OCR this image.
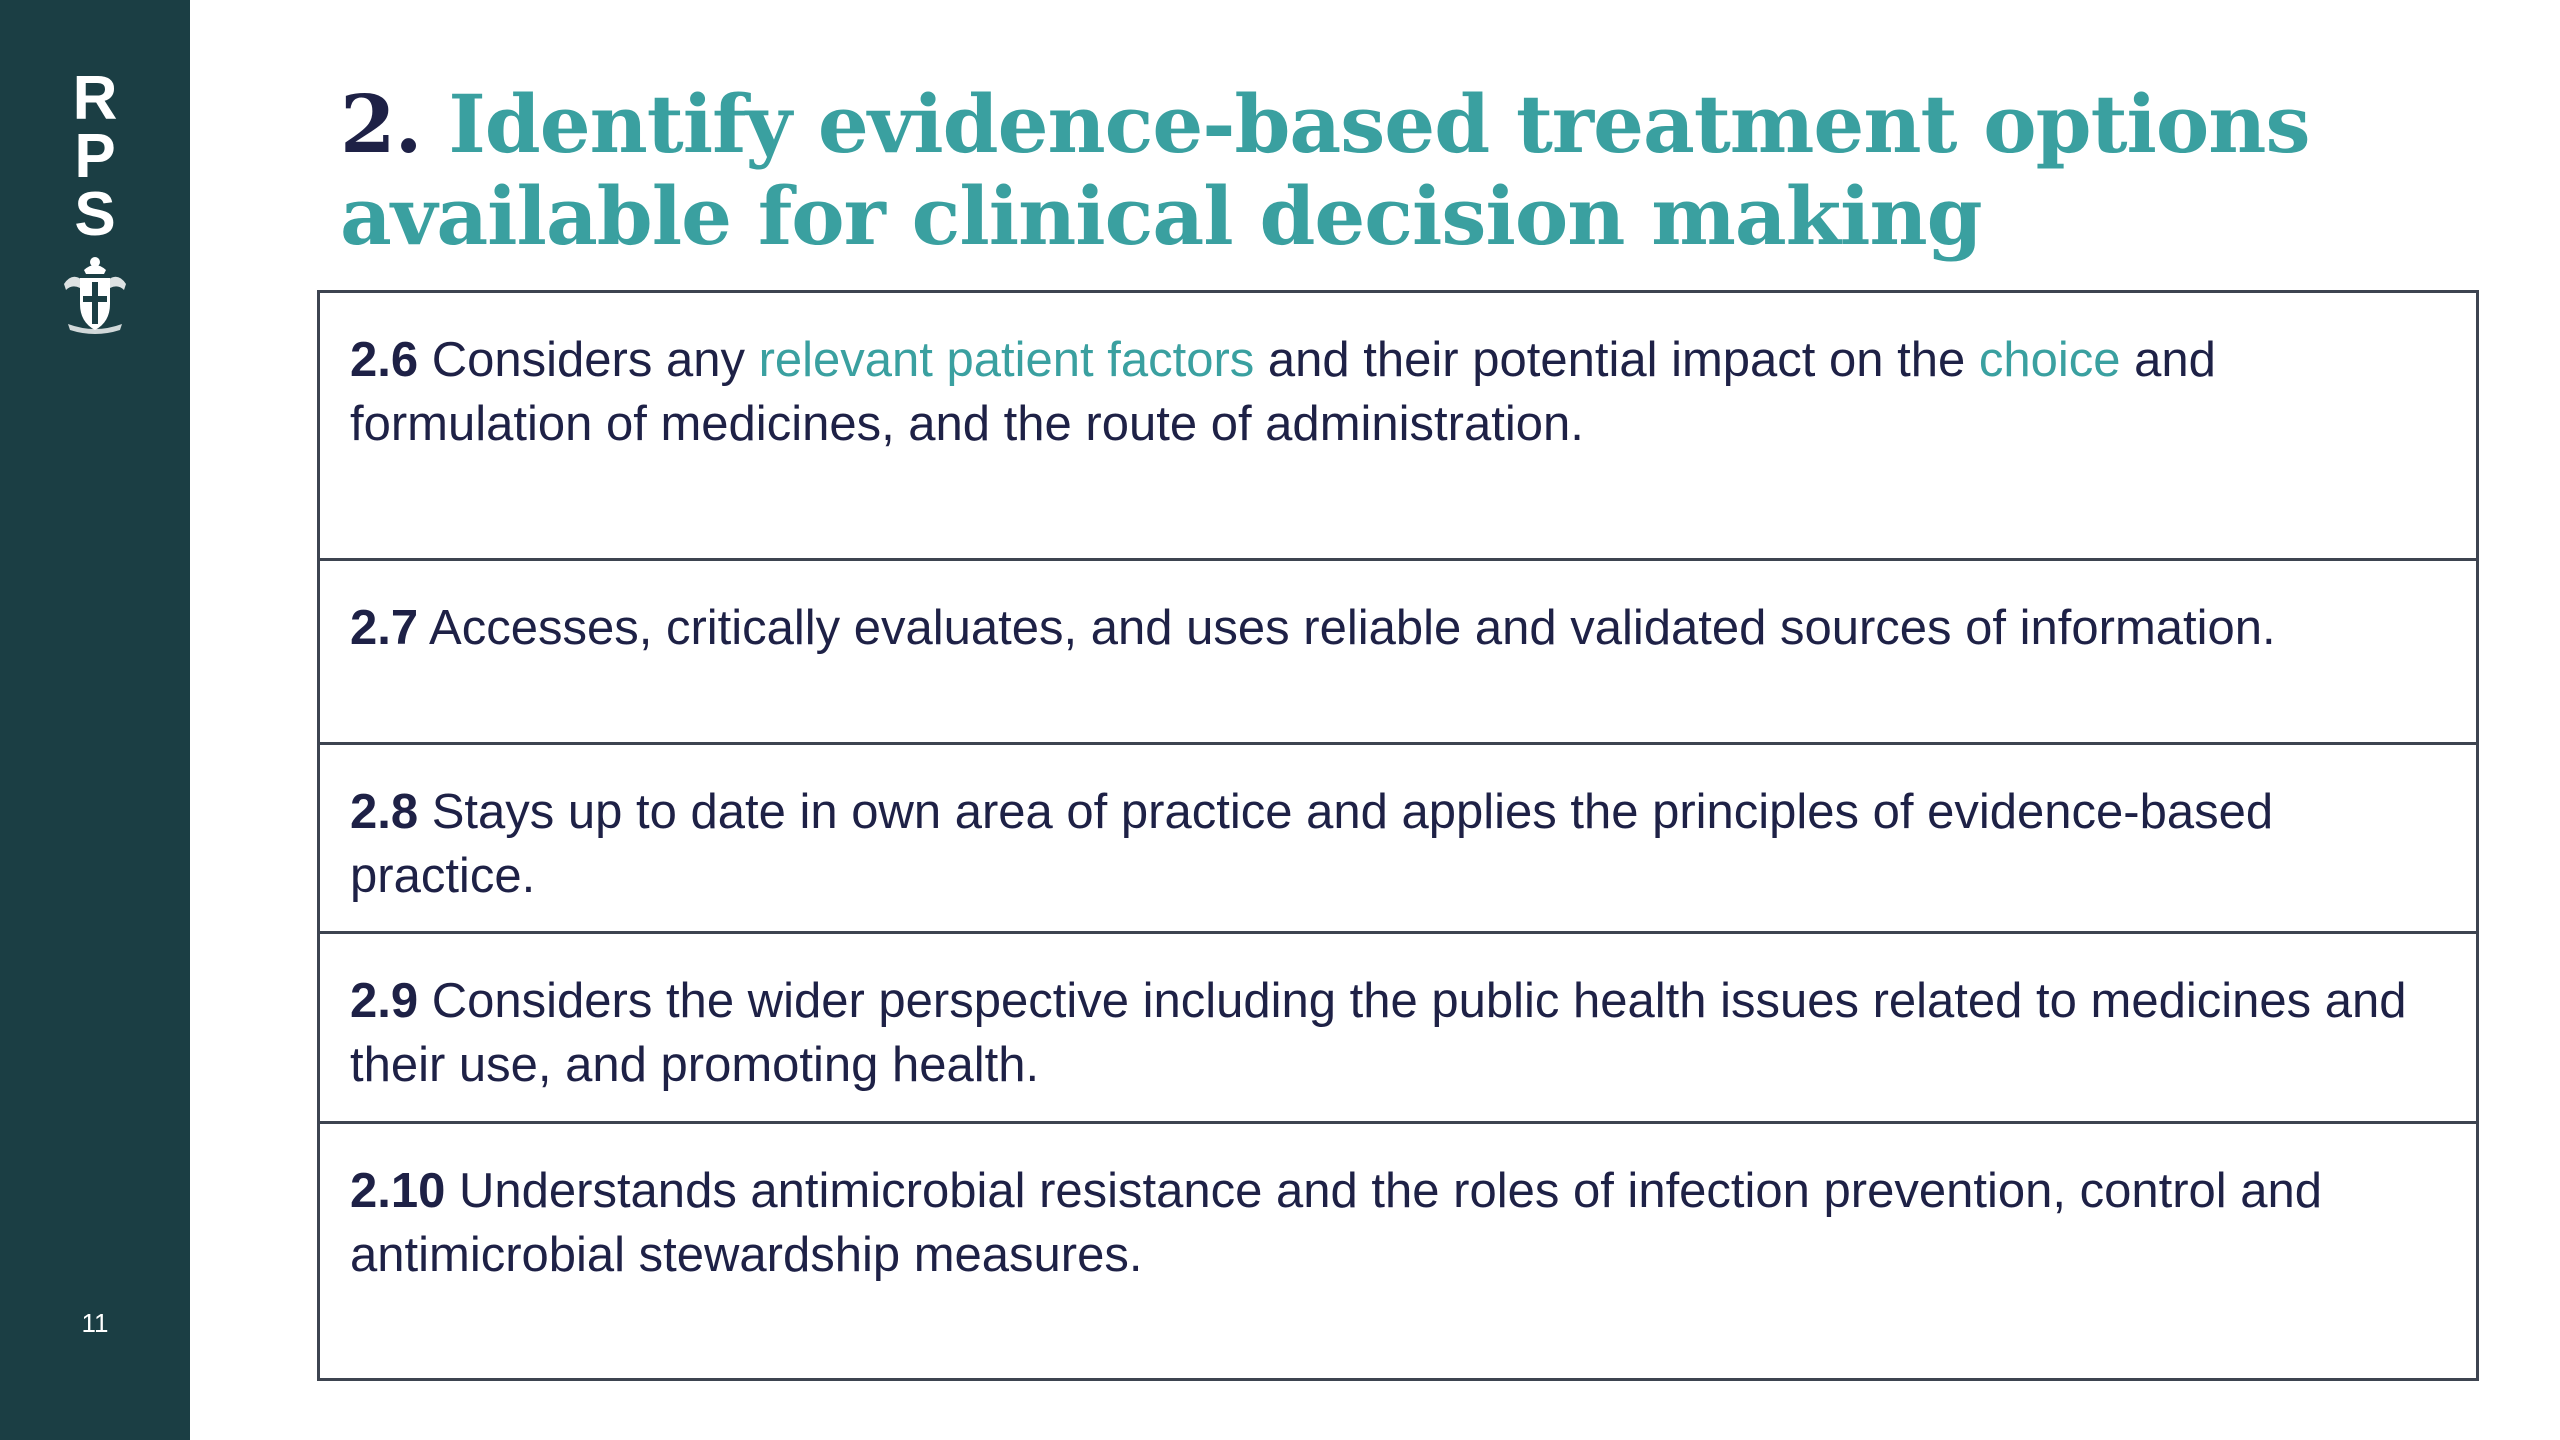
R
P
S
11
2. Identify evidence-based treatment options available for clinical decision making
2.6 Considers any relevant patient factors and their potential impact on the choice and formulation of medicines, and the route of administration.
2.7 Accesses, critically evaluates, and uses reliable and validated sources of information.
2.8 Stays up to date in own area of practice and applies the principles of evidence-based practice.
2.9 Considers the wider perspective including the public health issues related to medicines and their use, and promoting health.
2.10 Understands antimicrobial resistance and the roles of infection prevention, control and antimicrobial stewardship measures.
